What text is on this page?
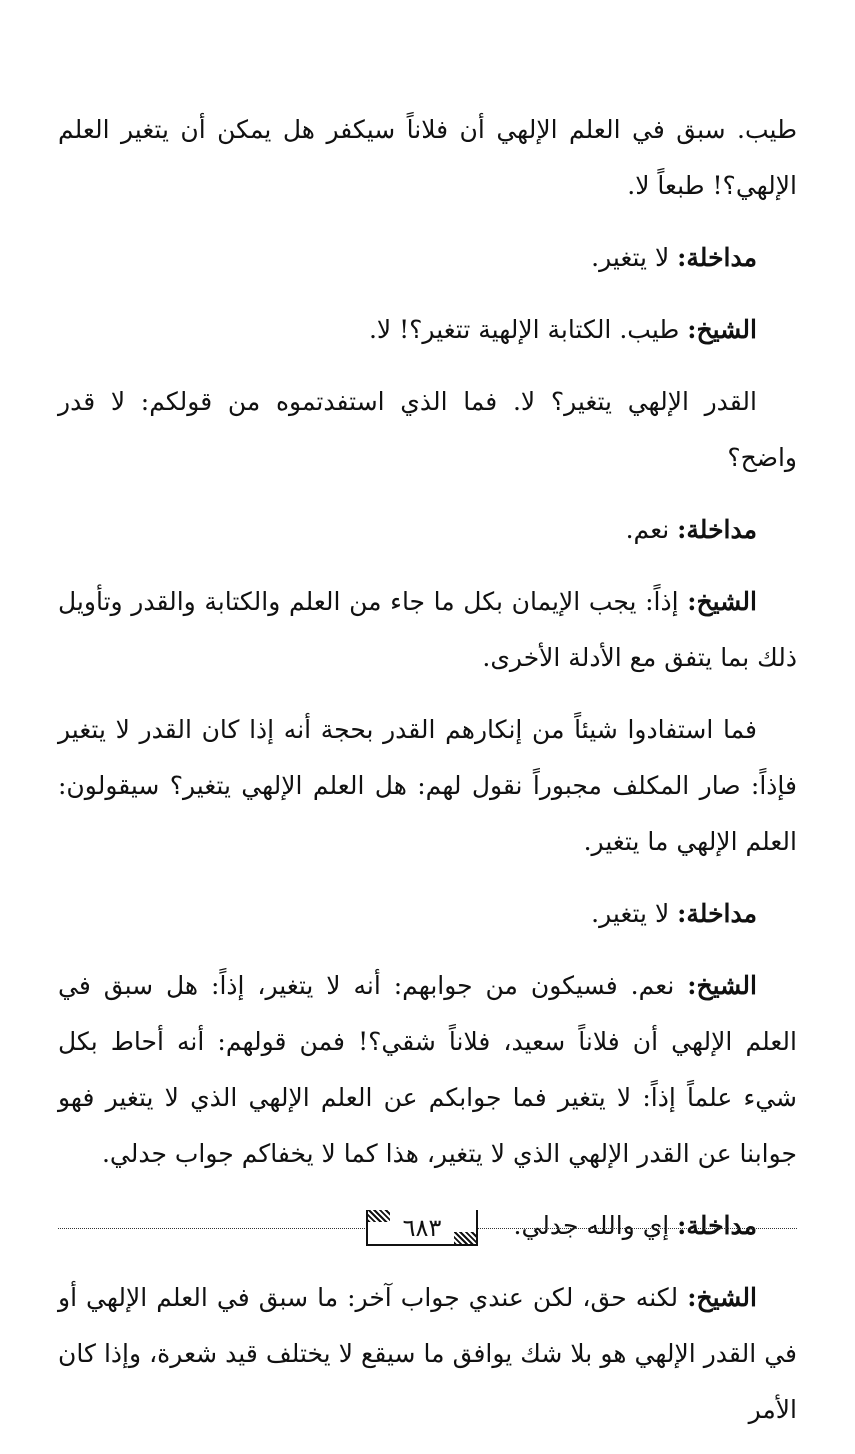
طيب. سبق في العلم الإلهي أن فلاناً سيكفر هل يمكن أن يتغير العلم الإلهي؟! طبعاً لا.

مداخلة: لا يتغير.

الشيخ: طيب. الكتابة الإلهية تتغير؟! لا.

القدر الإلهي يتغير؟ لا. فما الذي استفدتموه من قولكم: لا قدر واضح؟

مداخلة: نعم.

الشيخ: إذاً: يجب الإيمان بكل ما جاء من العلم والكتابة والقدر وتأويل ذلك بما يتفق مع الأدلة الأخرى.

فما استفادوا شيئاً من إنكارهم القدر بحجة أنه إذا كان القدر لا يتغير فإذاً: صار المكلف مجبوراً نقول لهم: هل العلم الإلهي يتغير؟ سيقولون: العلم الإلهي ما يتغير.

مداخلة: لا يتغير.

الشيخ: نعم. فسيكون من جوابهم: أنه لا يتغير، إذاً: هل سبق في العلم الإلهي أن فلاناً سعيد، فلاناً شقي؟! فمن قولهم: أنه أحاط بكل شيء علماً إذاً: لا يتغير فما جوابكم عن العلم الإلهي الذي لا يتغير فهو جوابنا عن القدر الإلهي الذي لا يتغير، هذا كما لا يخفاكم جواب جدلي.

مداخلة: إي والله جدلي.

الشيخ: لكنه حق، لكن عندي جواب آخر: ما سبق في العلم الإلهي أو في القدر الإلهي هو بلا شك يوافق ما سيقع لا يختلف قيد شعرة، وإذا كان الأمر

٦٨٣
